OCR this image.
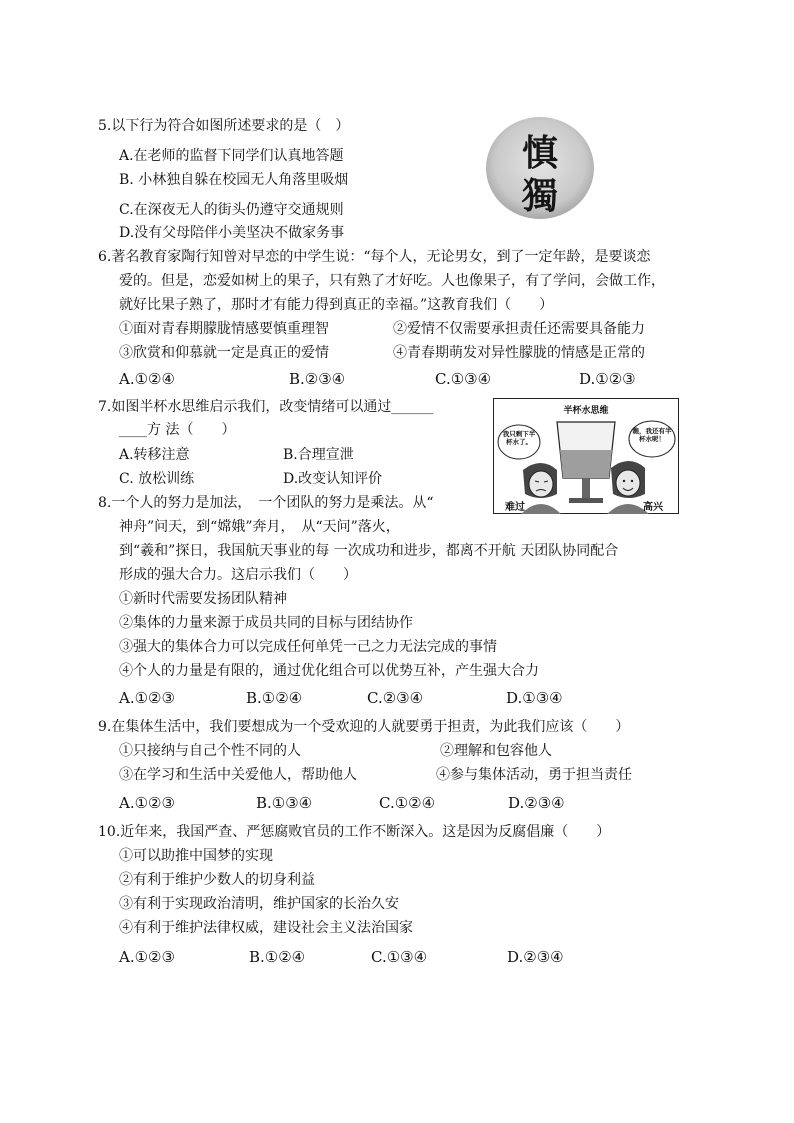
5.以下行为符合如图所述要求的是（　）
A.在老师的监督下同学们认真地答题
B. 小林独自躲在校园无人角落里吸烟
C.在深夜无人的街头仍遵守交通规则
D.没有父母陪伴小美坚决不做家务事
慎
獨
6.著名教育家陶行知曾对早恋的中学生说：“每个人，无论男女，到了一定年龄，是要谈恋
爱的。但是，恋爱如树上的果子，只有熟了才好吃。人也像果子，有了学问，会做工作，
就好比果子熟了，那时才有能力得到真正的幸福。”这教育我们（　　）
①面对青春期朦胧情感要慎重理智	②爱情不仅需要承担责任还需要具备能力
③欣赏和仰慕就一定是真正的爱情	④青春期萌发对异性朦胧的情感是正常的
A.①②④	B.②③④	C.①③④	D.①②③
7.如图半杯水思维启示我们，改变情绪可以通过______
____方 法（　　）
A.转移注意	B.合理宣泄
C. 放松训练	D.改变认知评价
半杯水思维
我只剩下半杯水了。
瞧，我还有半杯水呢！
难过	高兴
8.一个人的努力是加法，　一个团队的努力是乘法。从“
神舟”问天，到“嫦娥”奔月，　从“天问”落火，
到“羲和”探日，我国航天事业的每 一次成功和进步，都离不开航 天团队协同配合
形成的强大合力。这启示我们（　　）
①新时代需要发扬团队精神
②集体的力量来源于成员共同的目标与团结协作
③强大的集体合力可以完成任何单凭一己之力无法完成的事情
④个人的力量是有限的，通过优化组合可以优势互补，产生强大合力
A.①②③	B.①②④	C.②③④	D.①③④
9.在集体生活中，我们要想成为一个受欢迎的人就要勇于担责，为此我们应该（　　）
①只接纳与自己个性不同的人	②理解和包容他人
③在学习和生活中关爱他人，帮助他人	④参与集体活动，勇于担当责任
A.①②③	B.①③④	C.①②④	D.②③④
10.近年来，我国严查、严惩腐败官员的工作不断深入。这是因为反腐倡廉（　　）
①可以助推中国梦的实现
②有利于维护少数人的切身利益
③有利于实现政治清明，维护国家的长治久安
④有利于维护法律权威，建设社会主义法治国家
A.①②③	B.①②④	C.①③④	D.②③④
